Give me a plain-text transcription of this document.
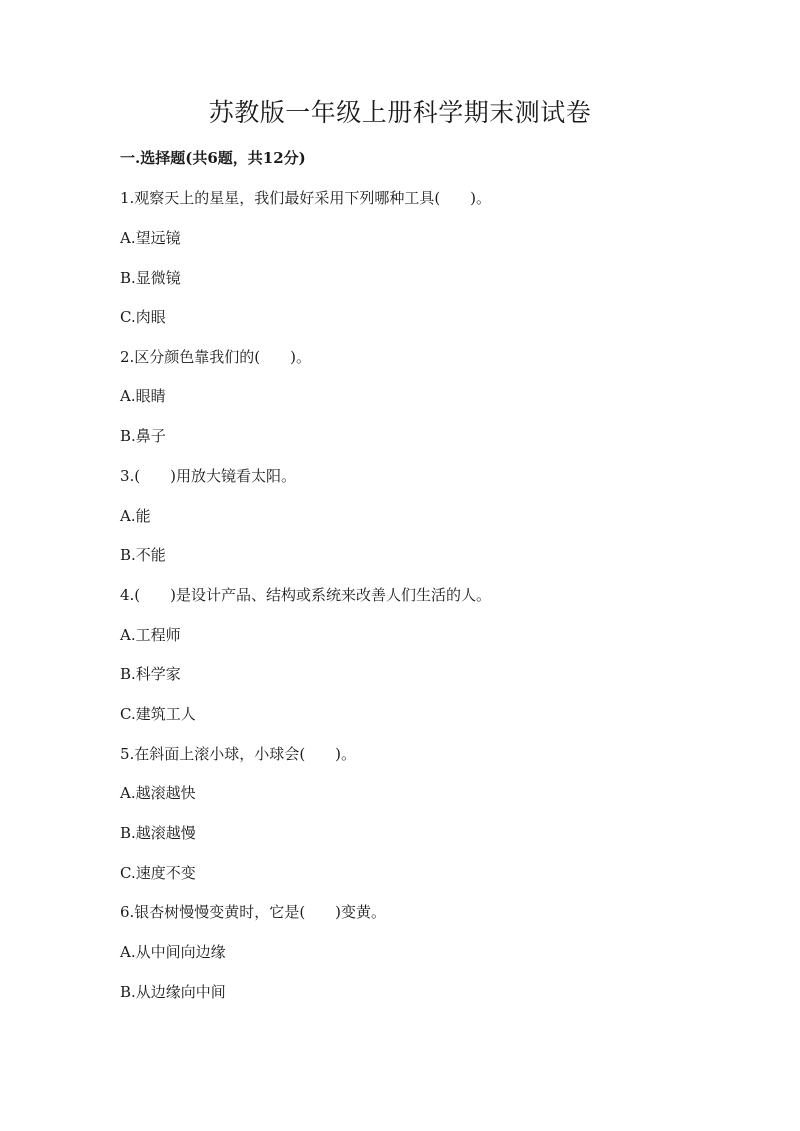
苏教版一年级上册科学期末测试卷
一.选择题(共6题，共12分)
1.观察天上的星星，我们最好采用下列哪种工具(　　)。
A.望远镜
B.显微镜
C.肉眼
2.区分颜色靠我们的(　　)。
A.眼睛
B.鼻子
3.(　　)用放大镜看太阳。
A.能
B.不能
4.(　　)是设计产品、结构或系统来改善人们生活的人。
A.工程师
B.科学家
C.建筑工人
5.在斜面上滚小球，小球会(　　)。
A.越滚越快
B.越滚越慢
C.速度不变
6.银杏树慢慢变黄时，它是(　　)变黄。
A.从中间向边缘
B.从边缘向中间
